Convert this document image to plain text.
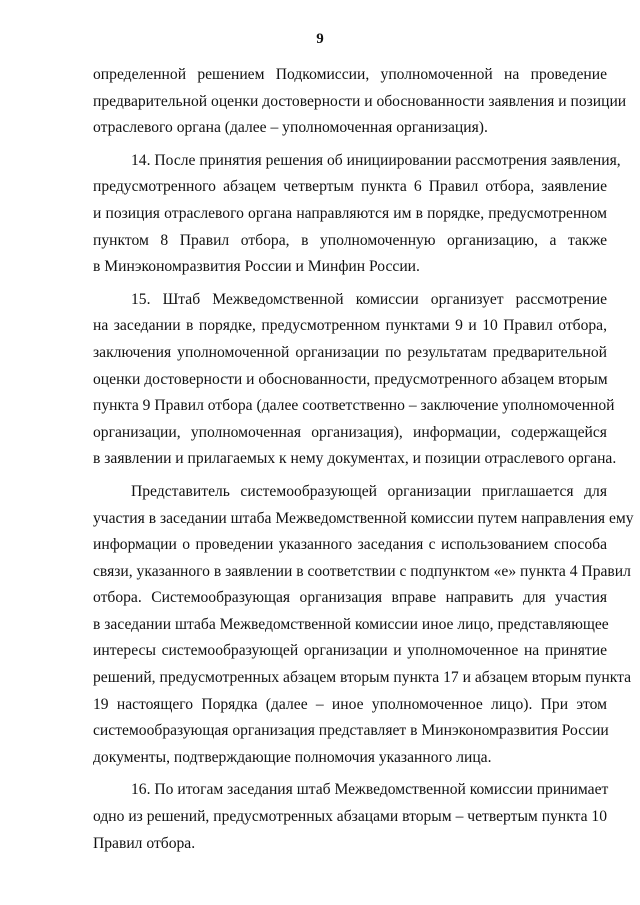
9

определенной решением Подкомиссии, уполномоченной на проведение
предварительной оценки достоверности и обоснованности заявления и позиции
отраслевого органа (далее – уполномоченная организация).

14. После принятия решения об инициировании рассмотрения заявления,
предусмотренного абзацем четвертым пункта 6 Правил отбора, заявление
и позиция отраслевого органа направляются им в порядке, предусмотренном
пунктом 8 Правил отбора, в уполномоченную организацию, а также
в Минэкономразвития России и Минфин России.

15. Штаб Межведомственной комиссии организует рассмотрение
на заседании в порядке, предусмотренном пунктами 9 и 10 Правил отбора,
заключения уполномоченной организации по результатам предварительной
оценки достоверности и обоснованности, предусмотренного абзацем вторым
пункта 9 Правил отбора (далее соответственно – заключение уполномоченной
организации, уполномоченная организация), информации, содержащейся
в заявлении и прилагаемых к нему документах, и позиции отраслевого органа.

Представитель системообразующей организации приглашается для
участия в заседании штаба Межведомственной комиссии путем направления ему
информации о проведении указанного заседания с использованием способа
связи, указанного в заявлении в соответствии с подпунктом «е» пункта 4 Правил
отбора. Системообразующая организация вправе направить для участия
в заседании штаба Межведомственной комиссии иное лицо, представляющее
интересы системообразующей организации и уполномоченное на принятие
решений, предусмотренных абзацем вторым пункта 17 и абзацем вторым пункта
19 настоящего Порядка (далее – иное уполномоченное лицо). При этом
системообразующая организация представляет в Минэкономразвития России
документы, подтверждающие полномочия указанного лица.

16. По итогам заседания штаб Межведомственной комиссии принимает
одно из решений, предусмотренных абзацами вторым – четвертым пункта 10
Правил отбора.
